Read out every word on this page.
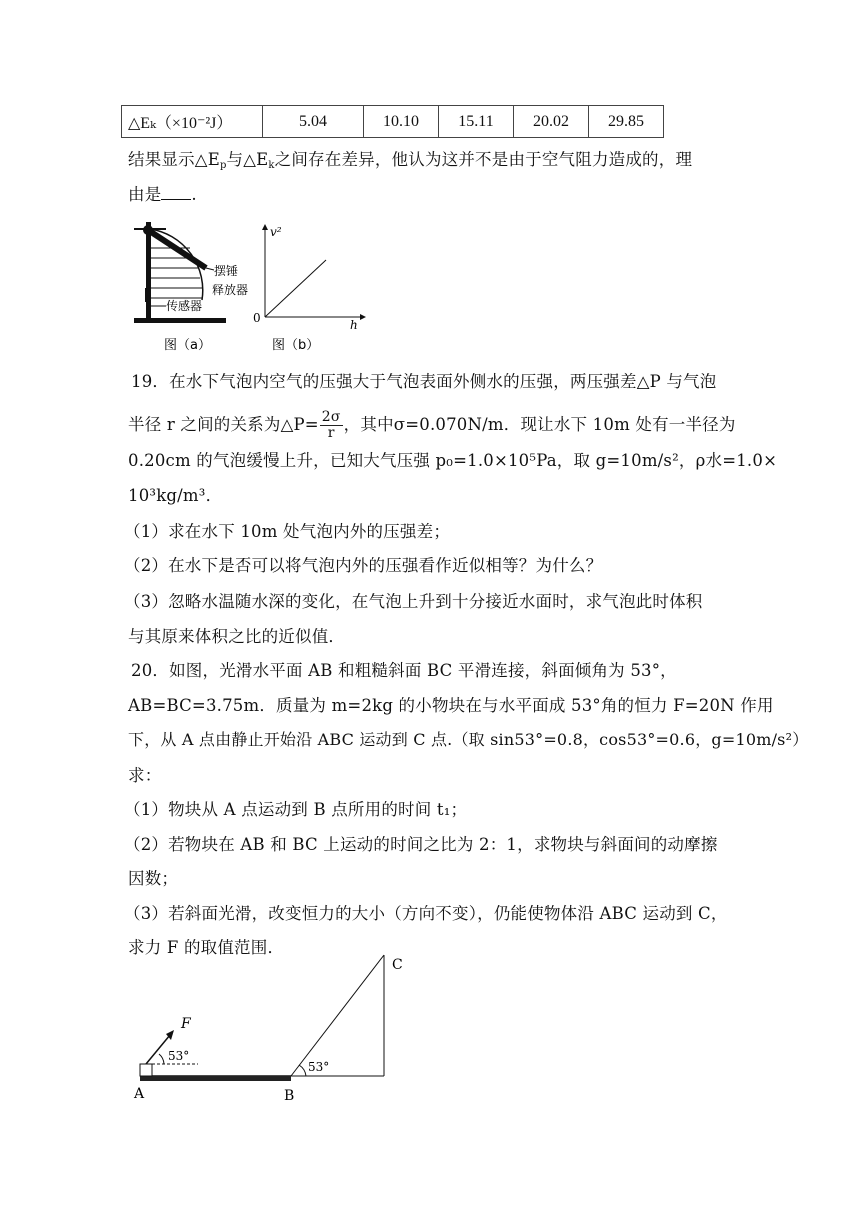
△Eₖ（×10⁻²J）	5.04	10.10	15.11	20.02	29.85
结果显示$\triangle E_p$与$\triangle E_k$之间存在差异，他认为这并不是由于空气阻力造成的，理
由是 .
摆锤
释放器
传感器
图（a）
v²
h
0
图（b）
19．在水下气泡内空气的压强大于气泡表面外侧水的压强，两压强差△P 与气泡
半径 r 之间的关系为△P= $\frac{2\sigma}{r}$ ，其中σ=0.070N/m．现让水下 10m 处有一半径为
0.20cm 的气泡缓慢上升，已知大气压强 p₀=1.0×10⁵Pa，取 g=10m/s²，ρ水=1.0×
10³kg/m³．
（1）求在水下 10m 处气泡内外的压强差；
（2）在水下是否可以将气泡内外的压强看作近似相等？为什么？
（3）忽略水温随水深的变化，在气泡上升到十分接近水面时，求气泡此时体积
与其原来体积之比的近似值．
20．如图，光滑水平面 AB 和粗糙斜面 BC 平滑连接，斜面倾角为 53°，
AB=BC=3.75m．质量为 m=2kg 的小物块在与水平面成 53°角的恒力 F=20N 作用
下，从 A 点由静止开始沿 ABC 运动到 C 点.（取 sin53°=0.8，cos53°=0.6，g=10m/s²）
求：
（1）物块从 A 点运动到 B 点所用的时间 t₁；
（2）若物块在 AB 和 BC 上运动的时间之比为 2：1，求物块与斜面间的动摩擦
因数；
（3）若斜面光滑，改变恒力的大小（方向不变），仍能使物体沿 ABC 运动到 C，
求力 F 的取值范围．
F
53°
53°
C
A	B
